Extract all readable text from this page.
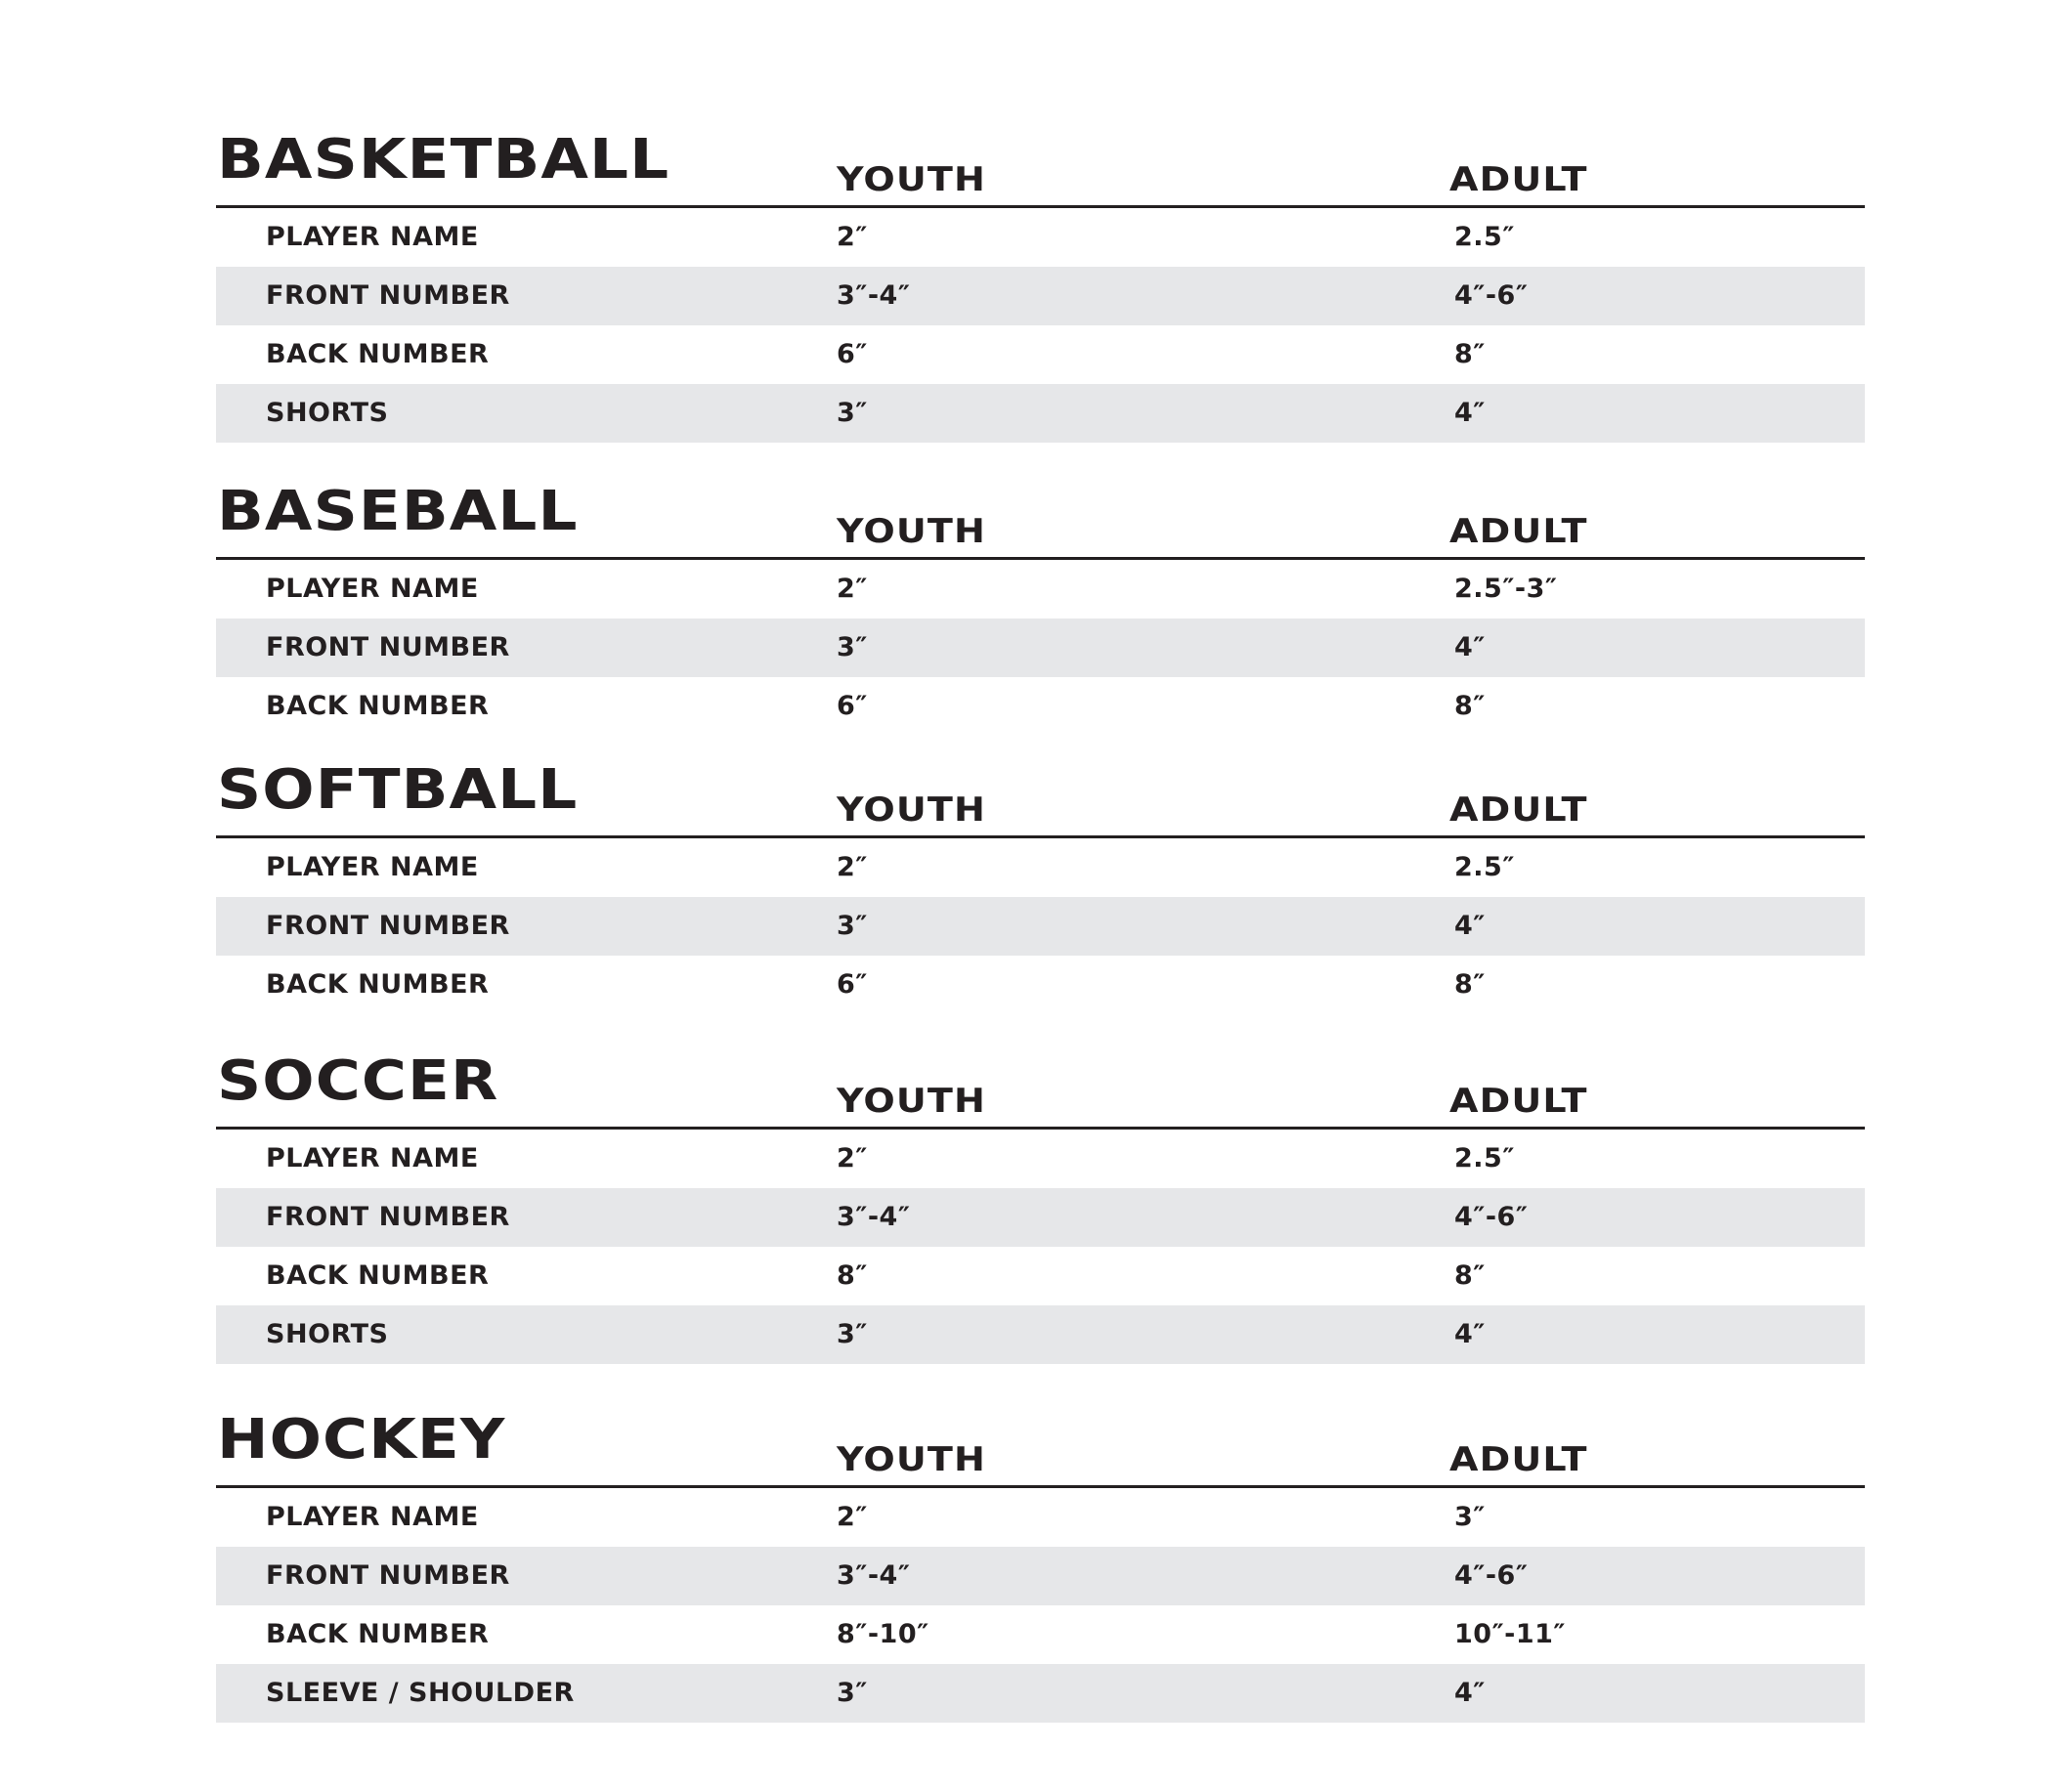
BASKETBALL	YOUTH	ADULT
PLAYER NAME	2″	2.5″
FRONT NUMBER	3″-4″	4″-6″
BACK NUMBER	6″	8″
SHORTS	3″	4″
BASEBALL	YOUTH	ADULT
PLAYER NAME	2″	2.5″-3″
FRONT NUMBER	3″	4″
BACK NUMBER	6″	8″
SOFTBALL	YOUTH	ADULT
PLAYER NAME	2″	2.5″
FRONT NUMBER	3″	4″
BACK NUMBER	6″	8″
SOCCER	YOUTH	ADULT
PLAYER NAME	2″	2.5″
FRONT NUMBER	3″-4″	4″-6″
BACK NUMBER	8″	8″
SHORTS	3″	4″
HOCKEY	YOUTH	ADULT
PLAYER NAME	2″	3″
FRONT NUMBER	3″-4″	4″-6″
BACK NUMBER	8″-10″	10″-11″
SLEEVE / SHOULDER	3″	4″
